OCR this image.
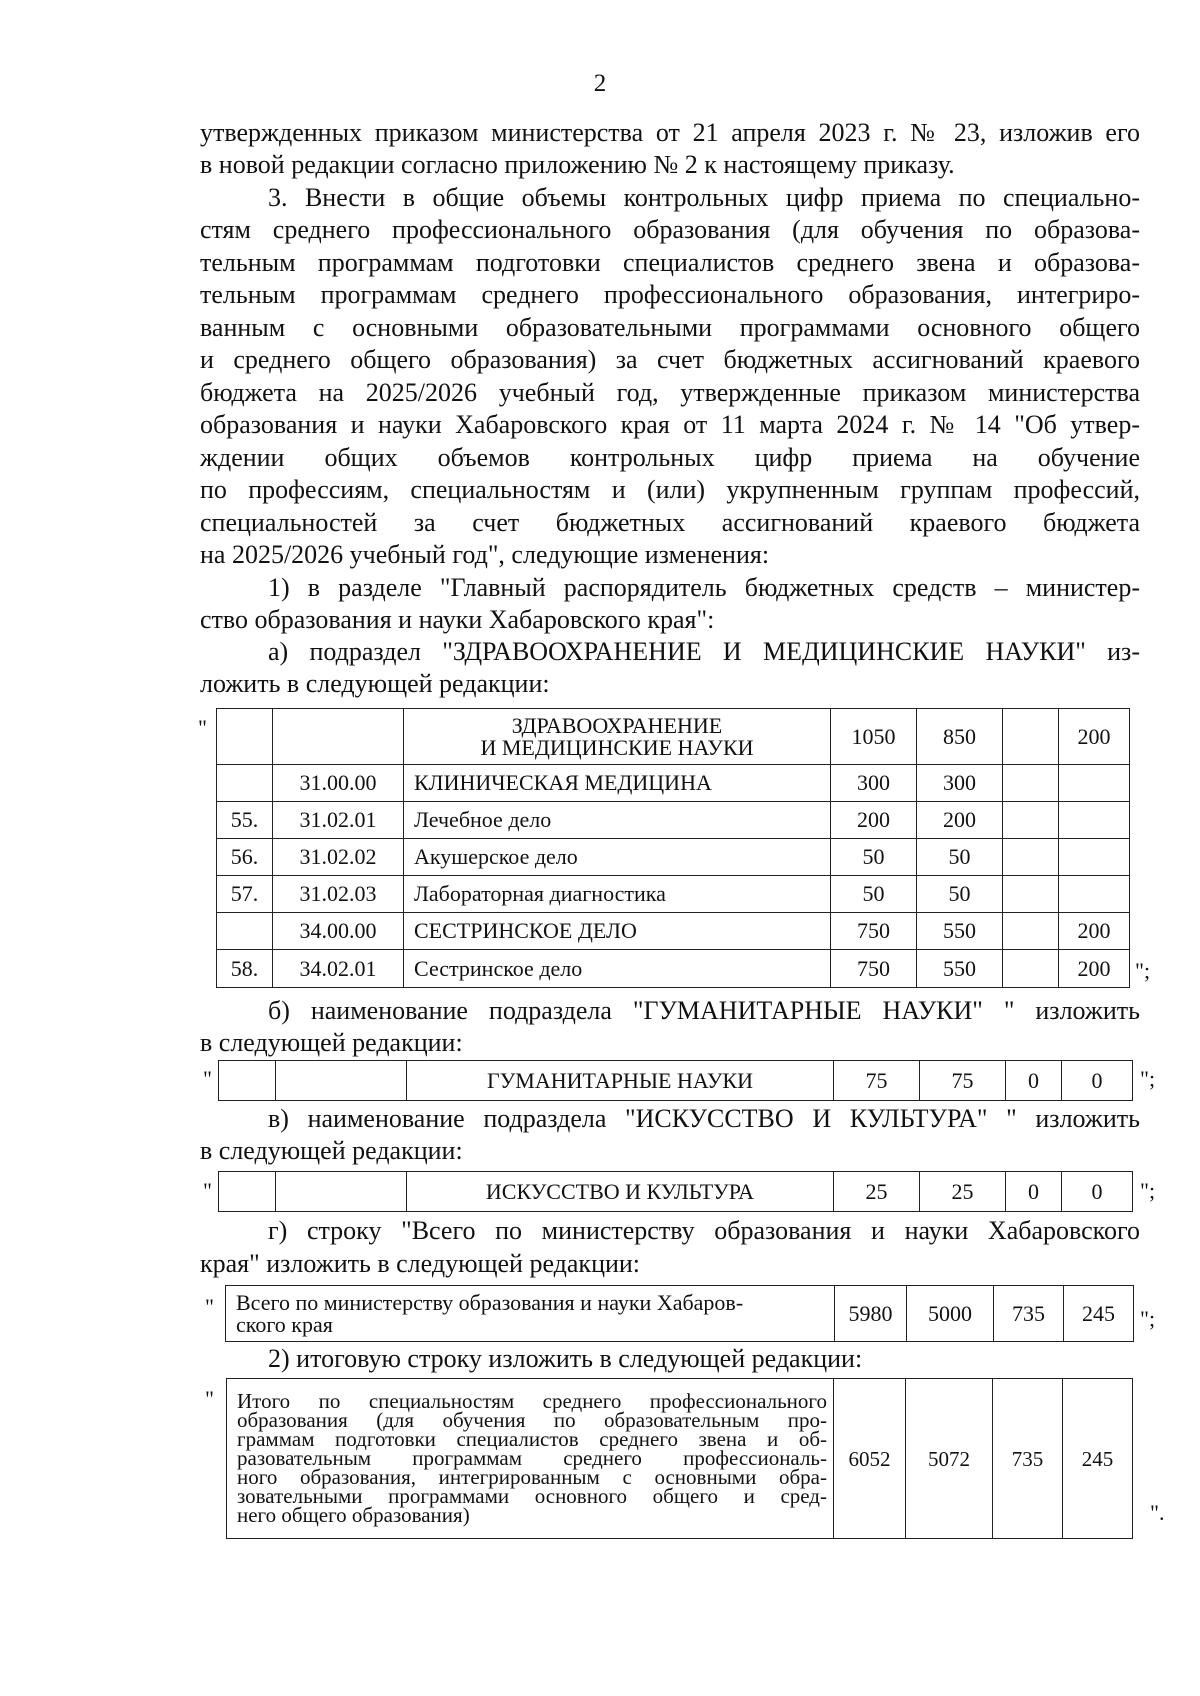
2
утвержденных приказом министерства от 21 апреля 2023 г. № 23, изложив его
в новой редакции согласно приложению № 2 к настоящему приказу.
3. Внести в общие объемы контрольных цифр приема по специально-
стям среднего профессионального образования (для обучения по образова-
тельным программам подготовки специалистов среднего звена и образова-
тельным программам среднего профессионального образования, интегриро-
ванным с основными образовательными программами основного общего
и среднего общего образования) за счет бюджетных ассигнований краевого
бюджета на 2025/2026 учебный год, утвержденные приказом министерства
образования и науки Хабаровского края от 11 марта 2024 г. № 14 "Об утвер-
ждении общих объемов контрольных цифр приема на обучение
по профессиям, специальностям и (или) укрупненным группам профессий,
специальностей за счет бюджетных ассигнований краевого бюджета
на 2025/2026 учебный год", следующие изменения:
1) в разделе "Главный распорядитель бюджетных средств – министер-
ство образования и науки Хабаровского края":
а) подраздел "ЗДРАВООХРАНЕНИЕ И МЕДИЦИНСКИЕ НАУКИ" из-
ложить в следующей редакции:
"

		ЗДРАВООХРАНЕНИЕ
И МЕДИЦИНСКИЕ НАУКИ	1050	850		200
	31.00.00	КЛИНИЧЕСКАЯ МЕДИЦИНА	300	300		
55.	31.02.01	Лечебное дело	200	200		
56.	31.02.02	Акушерское дело	50	50		
57.	31.02.03	Лабораторная диагностика	50	50		
	34.00.00	СЕСТРИНСКОЕ ДЕЛО	750	550		200
58.	34.02.01	Сестринское дело	750	550		200 ";
б) наименование подраздела "ГУМАНИТАРНЫЕ НАУКИ" " изложить
в следующей редакции:
"
			ГУМАНИТАРНЫЕ НАУКИ	75	75	0	0 ";
в) наименование подраздела "ИСКУССТВО И КУЛЬТУРА" " изложить
в следующей редакции:
"
			ИСКУССТВО И КУЛЬТУРА	25	25	0	0 ";
г) строку "Всего по министерству образования и науки Хабаровского
края" изложить в следующей редакции:
" Всего по министерству образования и науки Хабаров-
ского края	5980	5000	735	245 ";
2) итоговую строку изложить в следующей редакции:
" Итого по специальностям среднего профессионального
образования (для обучения по образовательным про-
граммам подготовки специалистов среднего звена и об-
разовательным программам среднего профессиональ-
ного образования, интегрированным с основными обра-
зовательными программами основного общего и сред-
него общего образования)
	6052	5072	735	245
".
